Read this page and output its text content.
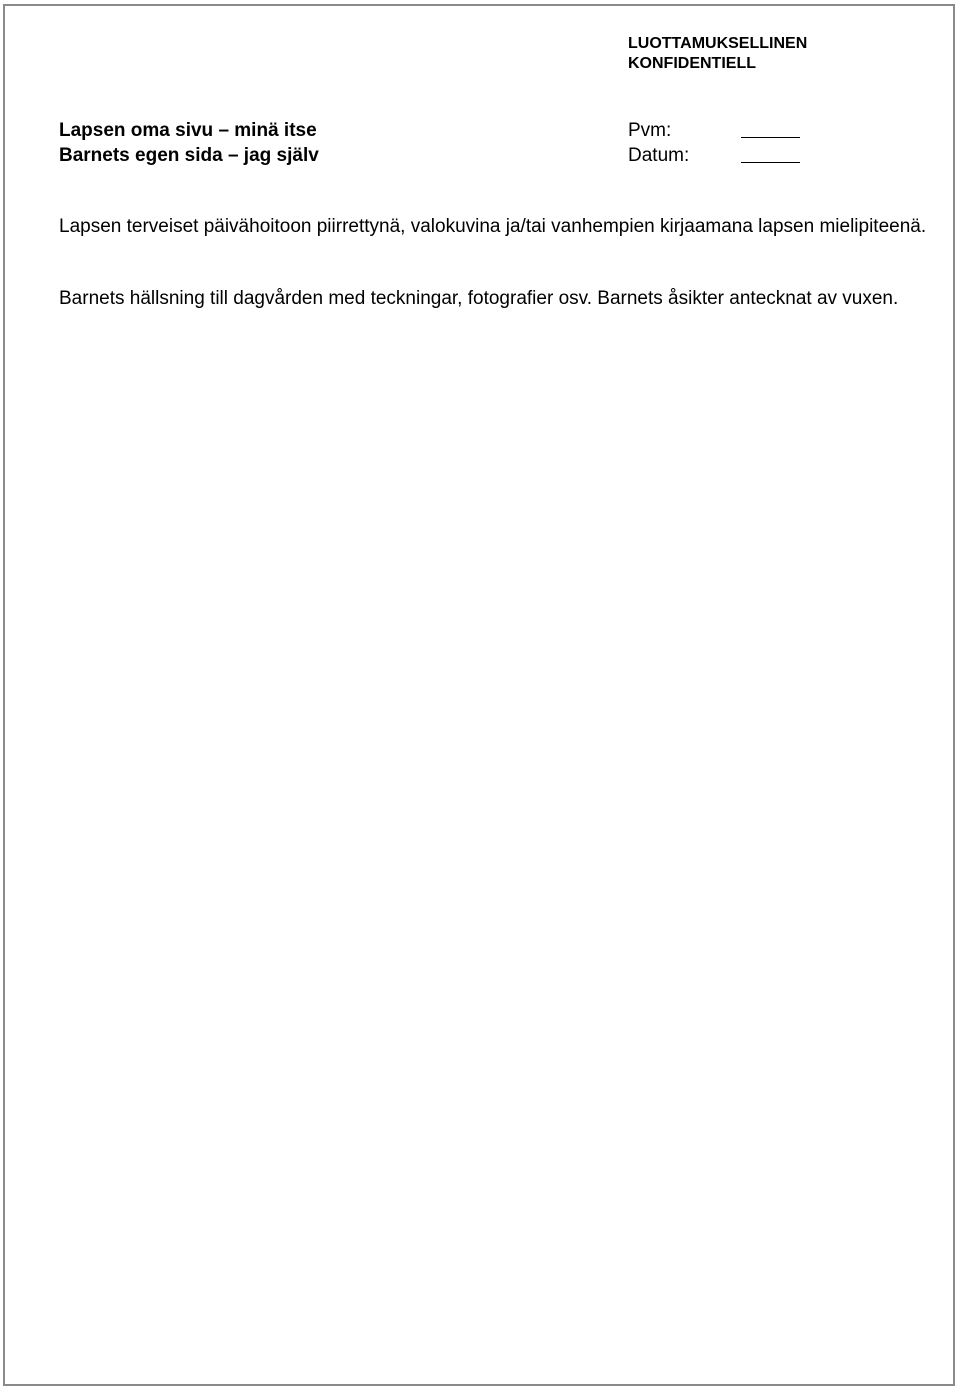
LUOTTAMUKSELLINEN
KONFIDENTIELL
Lapsen oma sivu – minä itse
Barnets egen sida – jag själv
Pvm:
Datum:
Lapsen terveiset päivähoitoon piirrettynä, valokuvina ja/tai vanhempien kirjaamana lapsen mielipiteenä.
Barnets hällsning till dagvården med teckningar, fotografier osv. Barnets åsikter antecknat av vuxen.
